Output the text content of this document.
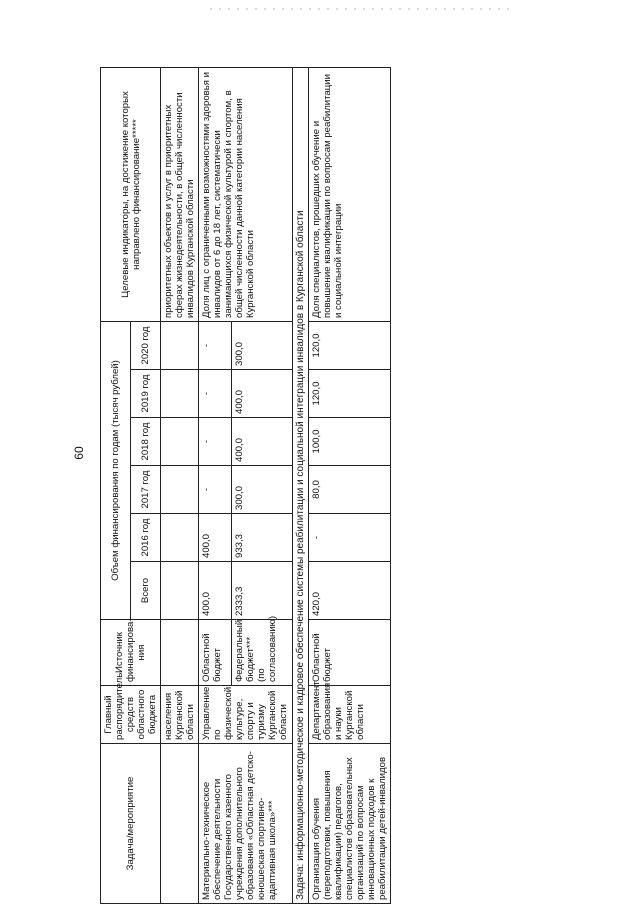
60
Задача/мероприятие	Главный распорядитель средств областного бюджета	Источник финансирова-ния	Объем финансирования по годам (тысяч рублей)						Целевые индикаторы, на достижение которых направлено финансирование*****
			Всего	2016 год	2017 год	2018 год	2019 год	2020 год	
	населения Курганской области								приоритетных объектов и услуг в приоритетных сферах жизнедеятельности, в общей численности инвалидов Курганской области
Материально-техническое обеспечение деятельности Государственного казенного учреждения дополнительного образования «Областная детско-юношеская спортивно-адаптивная школа»***	Управление по физической культуре, спорту и туризму Курганской области	Областной бюджет	400,0	400,0	-	-	-	-	Доля лиц с ограниченными возможностями здоровья и инвалидов от 6 до 18 лет, систематически занимающихся физической культурой и спортом, в общей численности данной категории населения Курганской области
		Федеральный бюджет*** (по согласованию)	2333,3	933,3	300,0	400,0	400,0	300,0	
Задача: информационно-методическое и кадровое обеспечение системы реабилитации и социальной интеграции инвалидов в Курганской области									
Организация обучения (переподготовки, повышения квалификации) педагогов, специалистов образовательных организаций по вопросам инновационных подходов к реабилитации детей-инвалидов	Департамент образования и науки Курганской области	Областной бюджет	420,0	-	80,0	100,0	120,0	120,0	Доля специалистов, прошедших обучение и повышение квалификации по вопросам реабилитации и социальной интеграции
